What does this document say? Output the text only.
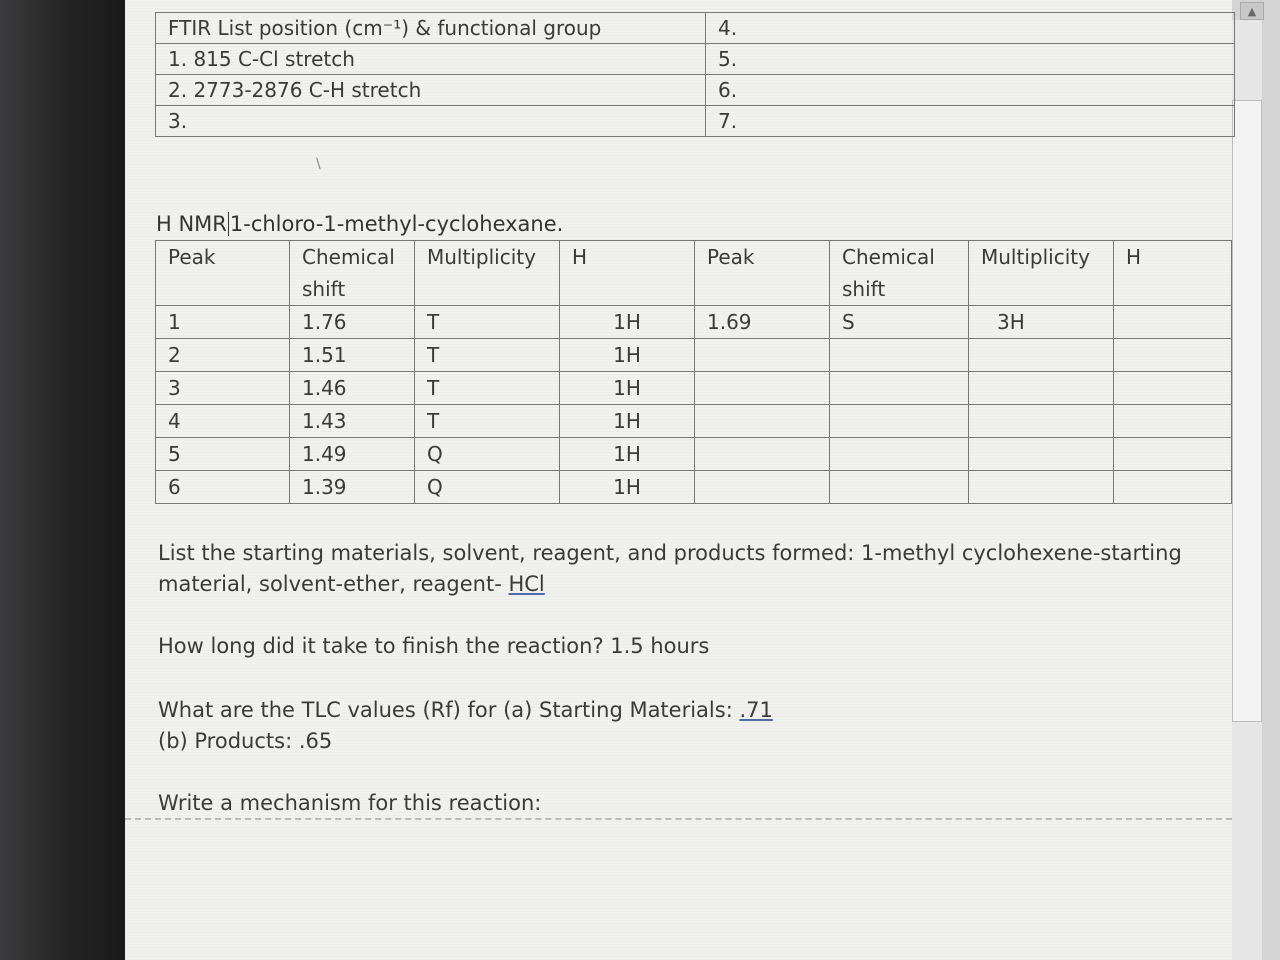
▲
FTIR List position (cm⁻¹) & functional group	4.
1. 815 C-Cl stretch	5.
2. 2773-2876 C-H stretch	6.
3.	7.
\
H NMR 1-chloro-1-methyl-cyclohexane.
Peak	Chemical shift	Multiplicity	H	Peak	Chemical shift	Multiplicity	H
1	1.76	T	1H	1.69	S	3H	
2	1.51	T	1H				
3	1.46	T	1H				
4	1.43	T	1H				
5	1.49	Q	1H				
6	1.39	Q	1H				
List the starting materials, solvent, reagent, and products formed: 1-methyl cyclohexene-starting
material, solvent-ether, reagent- HCl
How long did it take to finish the reaction? 1.5 hours
What are the TLC values (Rf) for (a) Starting Materials: .71
(b) Products: .65
Write a mechanism for this reaction:
